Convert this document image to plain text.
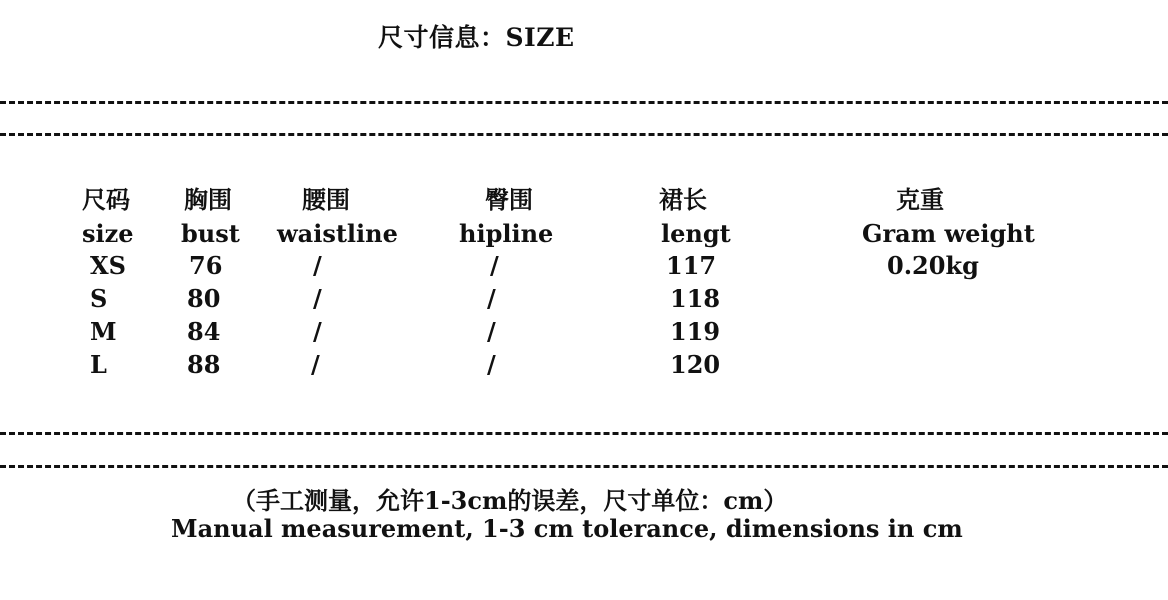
尺寸信息：SIZE
尺码 胸围	腰围	臀围	裙长	克重
size bust waistline	hipline	lengt	Gram weight
XS	76	/	/	117	0.20kg
S	80	/	/	118
M	84	/	/	119
L	88	/	/	120
（手工测量，允许1-3cm的误差，尺寸单位：cm）
Manual measurement, 1-3 cm tolerance, dimensions in cm
